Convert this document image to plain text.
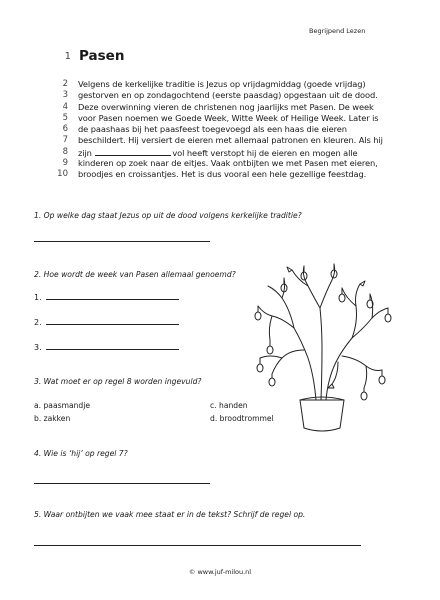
Begrijpend Lezen
1 Pasen
2 Velgens de kerkelijke traditie is Jezus op vrijdagmiddag (goede vrijdag)
3 gestorven en op zondagochtend (eerste paasdag) opgestaan uit de dood.
4 Deze overwinning vieren de christenen nog jaarlijks met Pasen. De week
5 voor Pasen noemen we Goede Week, Witte Week of Heilige Week. Later is
6 de paashaas bij het paasfeest toegevoegd als een haas die eieren
7 beschildert. Hij versiert de eieren met allemaal patronen en kleuren. Als hij
8 zijn	vol heeft verstopt hij de eieren en mogen alle
9 kinderen op zoek naar de eitjes. Vaak ontbijten we met Pasen met eieren,
10 broodjes en croissantjes. Het is dus vooral een hele gezellige feestdag.
1. Op welke dag staat Jezus op uit de dood volgens kerkelijke traditie?
2. Hoe wordt de week van Pasen allemaal genoemd?
1.
2.
3.
3. Wat moet er op regel 8 worden ingevuld?
a. paasmandje	c. handen
b. zakken	d. broodtrommel
4. Wie is ‘hij’ op regel 7?
5. Waar ontbijten we vaak mee staat er in de tekst? Schrijf de regel op.
© www.juf-milou.nl
